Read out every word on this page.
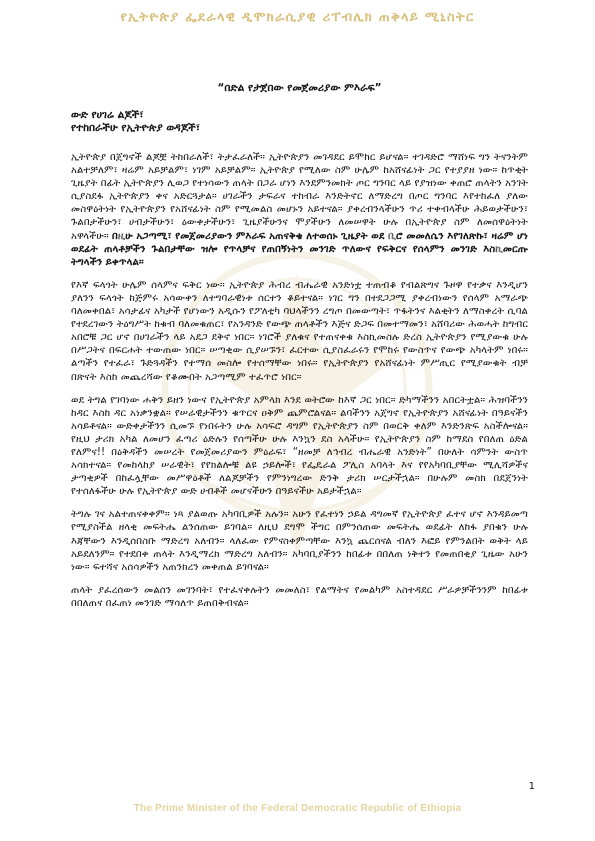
የኢትዮጵያ ፌደራላዊ ዲሞክራሲያዊ ሪፐብሊክ ጠቅላይ ሚኒስትር
“በድል የታጀበው የመጀመሪያው ምእራፍ”
ውድ የሀገሬ ልጆች፣
የተከበራችሁ የኢትዮጵያ ወዳጆች፣

ኢትዮጵያ በጀግኖች ልጆቿ ትከበራለች፣ ትታፈራለች። ኢትዮጵያን መገዳደር ይሞከር ይሆናል። ተገዳድሮ ማሸነፍ ግን ትናንትም አልተቻለም፣ ዛሬም አይቻልም፣ ነገም አይቻልም። ኢትዮጵያ የሚለው ስም ሁሌም ከአሸናፊነት ጋር የተያያዘ ነው። ከጥቂት ጊዜያት በፊት ኢትዮጵያን ሊወጋ የተነሳውን ጠላት በጋራ ሆነን እንደምንመክት ጦር ግንባር ላይ የያዝነው ቀጠሮ ጠላትን አንገት ሲያስደፋ ኢትዮጵያን ቀና አድርጓታል። ሀገራችን ታፍራና ተከብራ እንድትኖር ለማድረግ በጦር ግንባር እየተከፈለ ያለው መስዋዕትነት የኢትዮጵያን የአሸናፊነት ስም የሚመልስ መሆኑን አይተናል። ያቀረብንላችሁን ጥሪ ተቀብላችሁ ሕይወታችሁን፣ ጉልበታችሁን፣ ሀብታችሁን፣ ዕውቀታችሁን፣ ጊዜያችሁንና ሞያችሁን ለመሠዋት ሁሉ በኢትዮጵያ ስም ለመሰዋዕትነት አዋላችሁ። በዚሁ አጋጣሚ፣ የመጀመሪያውን ምእራፍ አጠናቅቄ ለተወሰኑ ጊዜያት ወደ ቢሮ መመለሴን እየገለጽኩ፣ ዛሬም ሆነ ወደፊት ጠላቶቻችን ጉልበታቸው ዝሎ የጥላቻና የጠበኝነትን መንገድ ጥለውና የፍቅርና የሰላምን መንገድ እስኪመርጡ ትግላችን ይቀጥላል።

የእኛ ፍላጎት ሁሌም ሰላምና ፍቅር ነው። ኢትዮጵያ ሕብረ ብሔራዊ አንድነቷ ተጠብቆ የብልጽግና ጉዞዋ የተቃና እንዲሆን ያለንን ፍላጎት ከጅምሩ አሳውቀን ለተግባራዊነቱ ሰርተን ቆይተናል። ነገር ግን በተደጋጋሚ ያቀረብነውን የሰላም አማራጭ ባለመቀበል፣ አሳታፊና አካታች የሆነውን አዲሱን የፖለቲካ ባህላችንን ረግጦ በመውጣት፣ ጥፋትንና እልቂትን ለማስቀረት ሲባል የተደረገውን ትዕግሥት ከቁብ ባለመቁጠር፣ የአንዳንድ የውጭ ጠላቶችን እጅና ድጋፍ በመተማመን፣ አሸባሪው ሕወሓት ከግብር አበሮቹ ጋር ሆኖ በሀገራችን ላይ አደጋ ደቅኖ ነበር። ነገሮች ያለቁና የተጠናቀቁ እስኪመስሉ ድረስ ኢትዮጵያን የሚያውቁ ሁሉ በሥጋትና በፍርሐት ተውጠው ነበር። ሠጣቂው ሲያሠኙን፣ ፈርተው ሲያስፈራሩን የሞከሩ የውስጥና የውጭ አካላትም ነበሩ። ልጣችን የተፈራ፣ ጉድጓዳችን የተማሰ መስሎ የተሰማቸው ነበሩ። የኢትዮጵያን የአሸናፊነት ምሥጢር የሚያውቁት ብቻ በጽናት እስከ መጨረሻው የቆሙበት አጋጣሚም ተፈጥሮ ነበር።

ወደ ትግል የገባነው ሐቅን ይዘን ነውና የኢትዮጵያ አምላክ እንደ ወትሮው ከእኛ ጋር ነበር። ድካማችንን አበርትቷል። ሕዝባችንን ከዳር እስከ ዳር አነቃንቋል። የሠራዊታችንን ቁጥርና ዐቅም ጨምሮልናል። ልባችንን አጀግኖ የኢትዮጵያን አሸናፊነት በዓይናችን አሳይቶናል። ውድቀታችንን ሲመኙ የነበሩትን ሁሉ አሳፍሮ ዳግም የኢትዮጵያን ስም በወርቅ ቀለም እንድንጽፍ አስችሎናል። የዚህ ታሪክ አካል ለመሆን ፈጣሪ ዕድሉን የሰጣችሁ ሁሉ እንኳን ደስ አላችሁ። የኢትዮጵያን ስም ከማደስ የበለጠ ዕድል የለምና!! በዕቅዳችን መሠረት የመጀመሪያውን ምዕራፍ፣ “ዘመቻ ለኅብረ ብሔራዊ አንድነት” በሁለት ሳምንት ውስጥ አሳክተናል። የመከላከያ ሠራዊት፣ የየክልሎቹ ልዩ ኃይሎች፣ የፌዴራል ፖሊስ አባላት እና የየአካባቢያቸው ሚሊሻዎችና ታጣቂዎች በከፈሏቸው መሥዋዕቶች ለልጆቻችን የምንነግረው ድንቅ ታሪክ ሠርታችኋል። በሁሉም መስክ በደጀንነት የተሰለፋችሁ ሁሉ የኢትዮጵያ ውድ ሀብቶች መሆናችሁን በዓይናችሁ አይታችኋል።

ትግሉ ገና አልተጠናቀቀም። ነጻ ያልወጡ አካባቢዎች አሉን። አሁን የፈተነን ኃይል ዳግመኛ የኢትዮጵያ ፈተና ሆኖ እንዳይመጣ የሚያስችል ዘላቂ መፍትሔ ልንሰጠው ይገባል። ለዚህ ደግሞ ችግር በምንሰጠው መፍትሔ ወደፊት ለከፋ ያበቁን ሁሉ እጃቸውን እንዲሰበስቡ ማድረግ አለብን። ላለፈው የምናስቀምጣቸው እንኳ ጨርሰናል ብለን እፎይ የምንልበት ወቅት ላይ አይደለንም። የተደበቀ ጠላት እንዲማረክ ማድረግ አለብን። አካባቢያችንን ከበፊቱ በበለጠ ነቅተን የመጠበቂያ ጊዜው አሁን ነው። ፍተሻና አሰሳዎችን አጠንክረን መቀጠል ይገባናል።

ጠላት ያፈረሰውን መልሰን መገንባት፣ የተፈናቀሉትን መመለስ፣ የልማትና የመልካም አስተዳደር ሥራዎቻችንንም ከበፊቱ በበለጠና በፈጠነ መንገድ ማሳለጥ ይጠበቅብናል።

1
The Prime Minister of the Federal Democratic Republic of Ethiopia
